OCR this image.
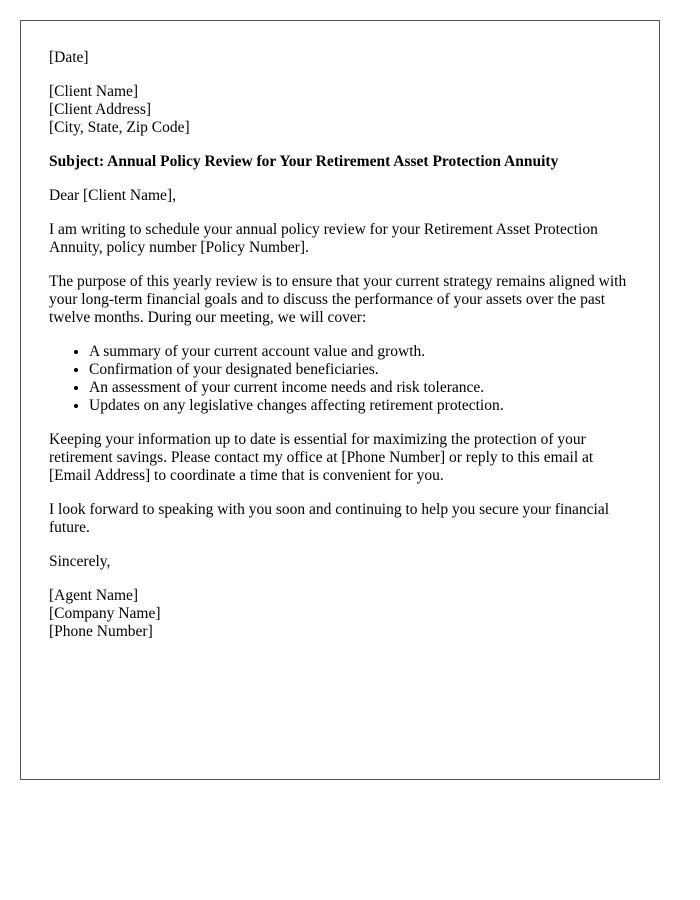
[Date]

[Client Name]
[Client Address]
[City, State, Zip Code]

Subject: Annual Policy Review for Your Retirement Asset Protection Annuity

Dear [Client Name],

I am writing to schedule your annual policy review for your Retirement Asset Protection Annuity, policy number [Policy Number].

The purpose of this yearly review is to ensure that your current strategy remains aligned with your long-term financial goals and to discuss the performance of your assets over the past twelve months. During our meeting, we will cover:

• A summary of your current account value and growth.
• Confirmation of your designated beneficiaries.
• An assessment of your current income needs and risk tolerance.
• Updates on any legislative changes affecting retirement protection.

Keeping your information up to date is essential for maximizing the protection of your retirement savings. Please contact my office at [Phone Number] or reply to this email at [Email Address] to coordinate a time that is convenient for you.

I look forward to speaking with you soon and continuing to help you secure your financial future.

Sincerely,

[Agent Name]
[Company Name]
[Phone Number]
